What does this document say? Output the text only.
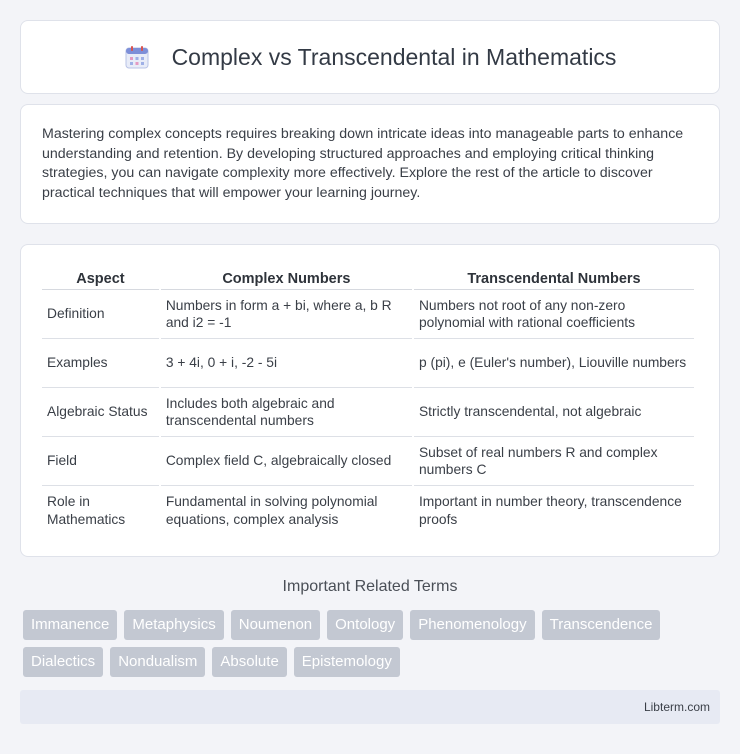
Complex vs Transcendental in Mathematics

Mastering complex concepts requires breaking down intricate ideas into manageable parts to enhance understanding and retention. By developing structured approaches and employing critical thinking strategies, you can navigate complexity more effectively. Explore the rest of the article to discover practical techniques that will empower your learning journey.

Aspect	Complex Numbers	Transcendental Numbers
Definition	Numbers in form a + bi, where a, b R and i2 = -1	Numbers not root of any non-zero polynomial with rational coefficients
Examples	3 + 4i, 0 + i, -2 - 5i	p (pi), e (Euler's number), Liouville numbers
Algebraic Status	Includes both algebraic and transcendental numbers	Strictly transcendental, not algebraic
Field	Complex field C, algebraically closed	Subset of real numbers R and complex numbers C
Role in Mathematics	Fundamental in solving polynomial equations, complex analysis	Important in number theory, transcendence proofs
Important Related Terms
Immanence	Metaphysics	Noumenon	Ontology	Phenomenology	Transcendence
Dialectics	Nondualism	Absolute	Epistemology
Libterm.com
